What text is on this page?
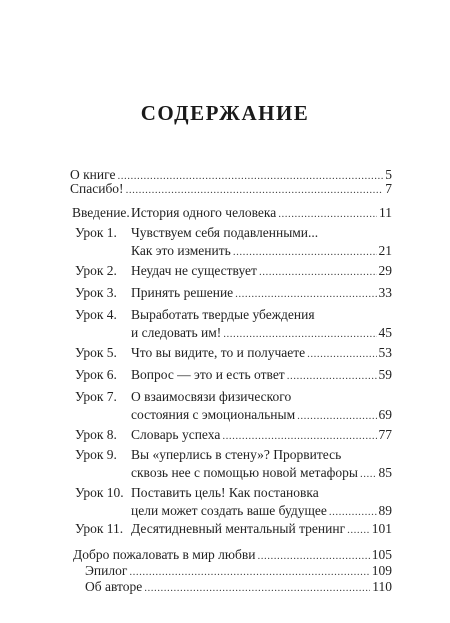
СОДЕРЖАНИЕ
О книге .....	5
Спасибо! .....	7
Введение. История одного человека .....	11
Урок 1. Чувствуем себя подавленными...
Как это изменить .....	21
Урок 2. Неудач не существует .....	29
Урок 3. Принять решение .....	33
Урок 4. Выработать твердые убеждения
и следовать им! .....	45
Урок 5. Что вы видите, то и получаете .....	53
Урок 6. Вопрос — это и есть ответ .....	59
Урок 7. О взаимосвязи физического
состояния с эмоциональным .....	69
Урок 8. Словарь успеха .....	77
Урок 9. Вы «уперлись в стену»? Прорвитесь
сквозь нее с помощью новой метафоры ..... 85
Урок 10. Поставить цель! Как постановка
цели может создать ваше будущее .....	89
Урок 11. Десятидневный ментальный тренинг ..... 101
Добро пожаловать в мир любви .....	105
Эпилог .....	109
Об авторе .....	110
